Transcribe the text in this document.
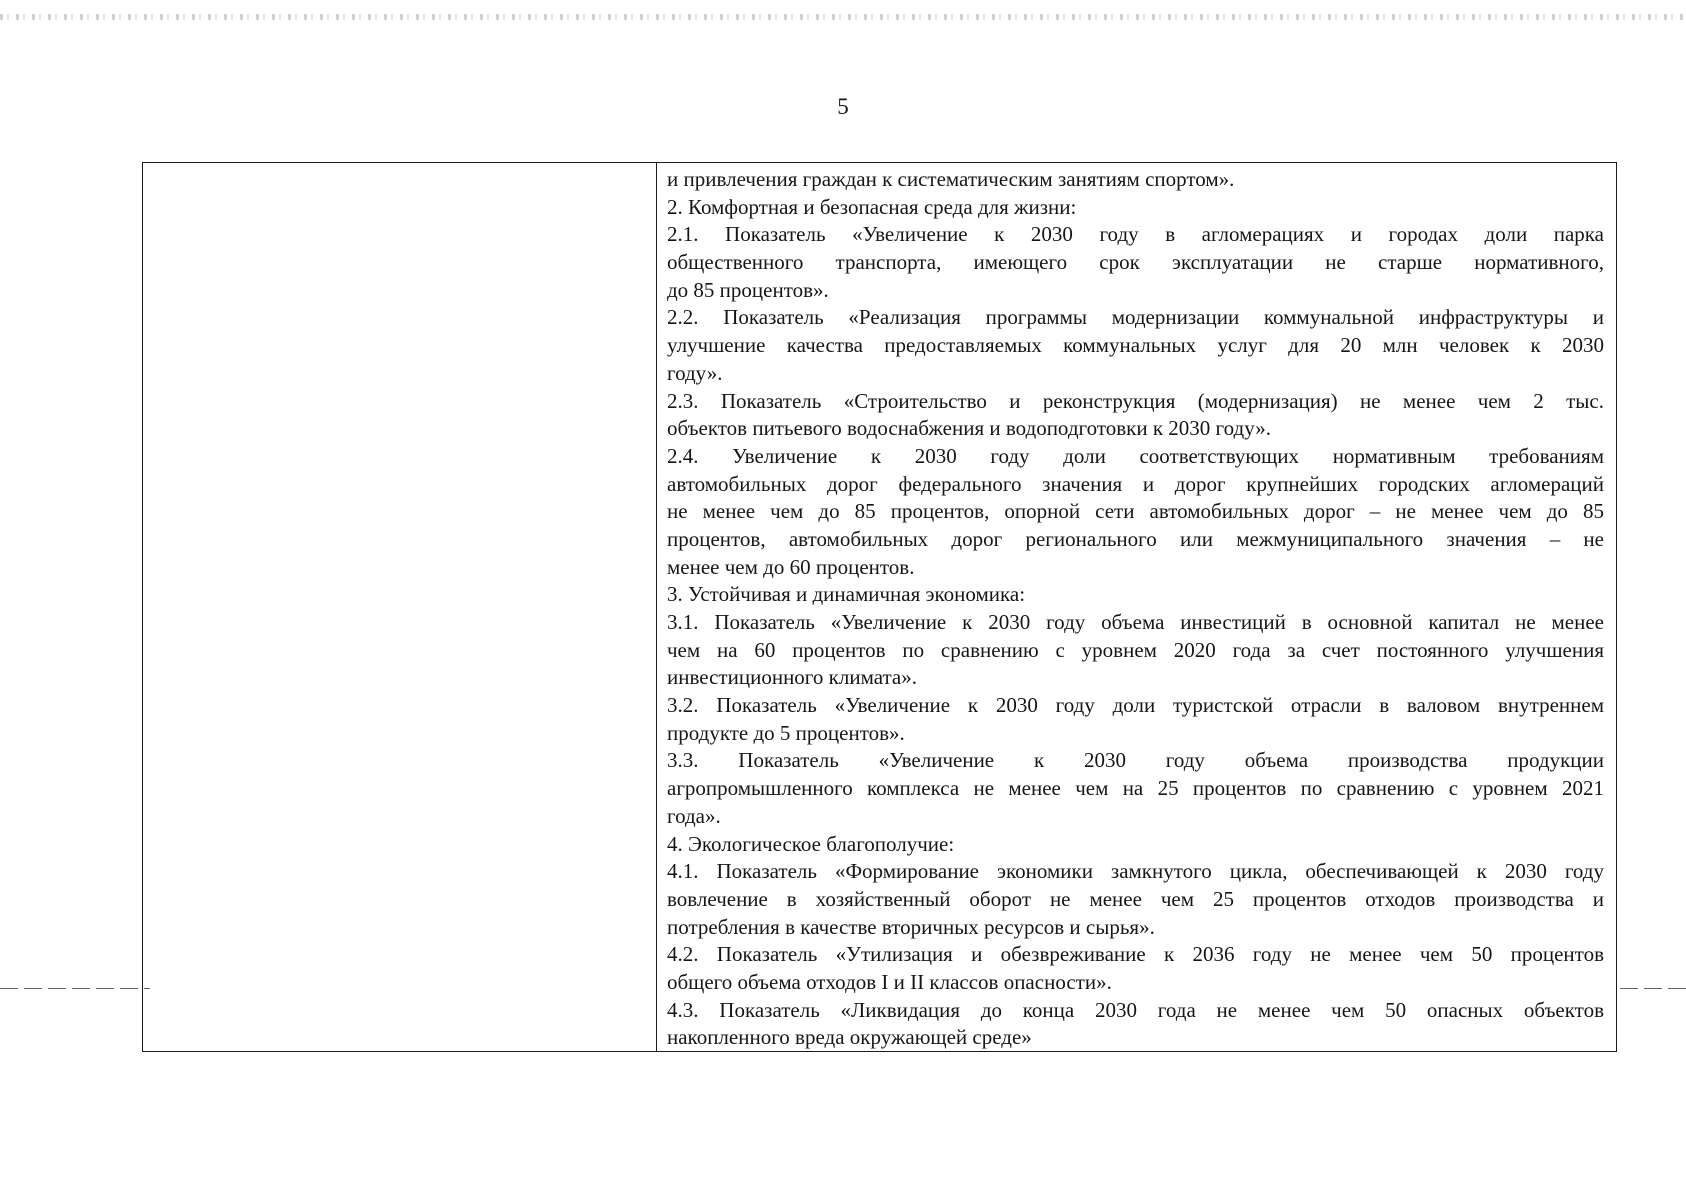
5
и привлечения граждан к систематическим занятиям спортом».
2. Комфортная и безопасная среда для жизни:
2.1. Показатель «Увеличение к 2030 году в агломерациях и городах доли парка
общественного транспорта, имеющего срок эксплуатации не старше нормативного,
до 85 процентов».
2.2. Показатель «Реализация программы модернизации коммунальной инфраструктуры и
улучшение качества предоставляемых коммунальных услуг для 20 млн человек к 2030
году».
2.3. Показатель «Строительство и реконструкция (модернизация) не менее чем 2 тыс.
объектов питьевого водоснабжения и водоподготовки к 2030 году».
2.4. Увеличение к 2030 году доли соответствующих нормативным требованиям
автомобильных дорог федерального значения и дорог крупнейших городских агломераций
не менее чем до 85 процентов, опорной сети автомобильных дорог – не менее чем до 85
процентов, автомобильных дорог регионального или межмуниципального значения – не
менее чем до 60 процентов.
3. Устойчивая и динамичная экономика:
3.1. Показатель «Увеличение к 2030 году объема инвестиций в основной капитал не менее
чем на 60 процентов по сравнению с уровнем 2020 года за счет постоянного улучшения
инвестиционного климата».
3.2. Показатель «Увеличение к 2030 году доли туристской отрасли в валовом внутреннем
продукте до 5 процентов».
3.3. Показатель «Увеличение к 2030 году объема производства продукции
агропромышленного комплекса не менее чем на 25 процентов по сравнению с уровнем 2021
года».
4. Экологическое благополучие:
4.1. Показатель «Формирование экономики замкнутого цикла, обеспечивающей к 2030 году
вовлечение в хозяйственный оборот не менее чем 25 процентов отходов производства и
потребления в качестве вторичных ресурсов и сырья».
4.2. Показатель «Утилизация и обезвреживание к 2036 году не менее чем 50 процентов
общего объема отходов I и II классов опасности».
4.3. Показатель «Ликвидация до конца 2030 года не менее чем 50 опасных объектов
накопленного вреда окружающей среде»
